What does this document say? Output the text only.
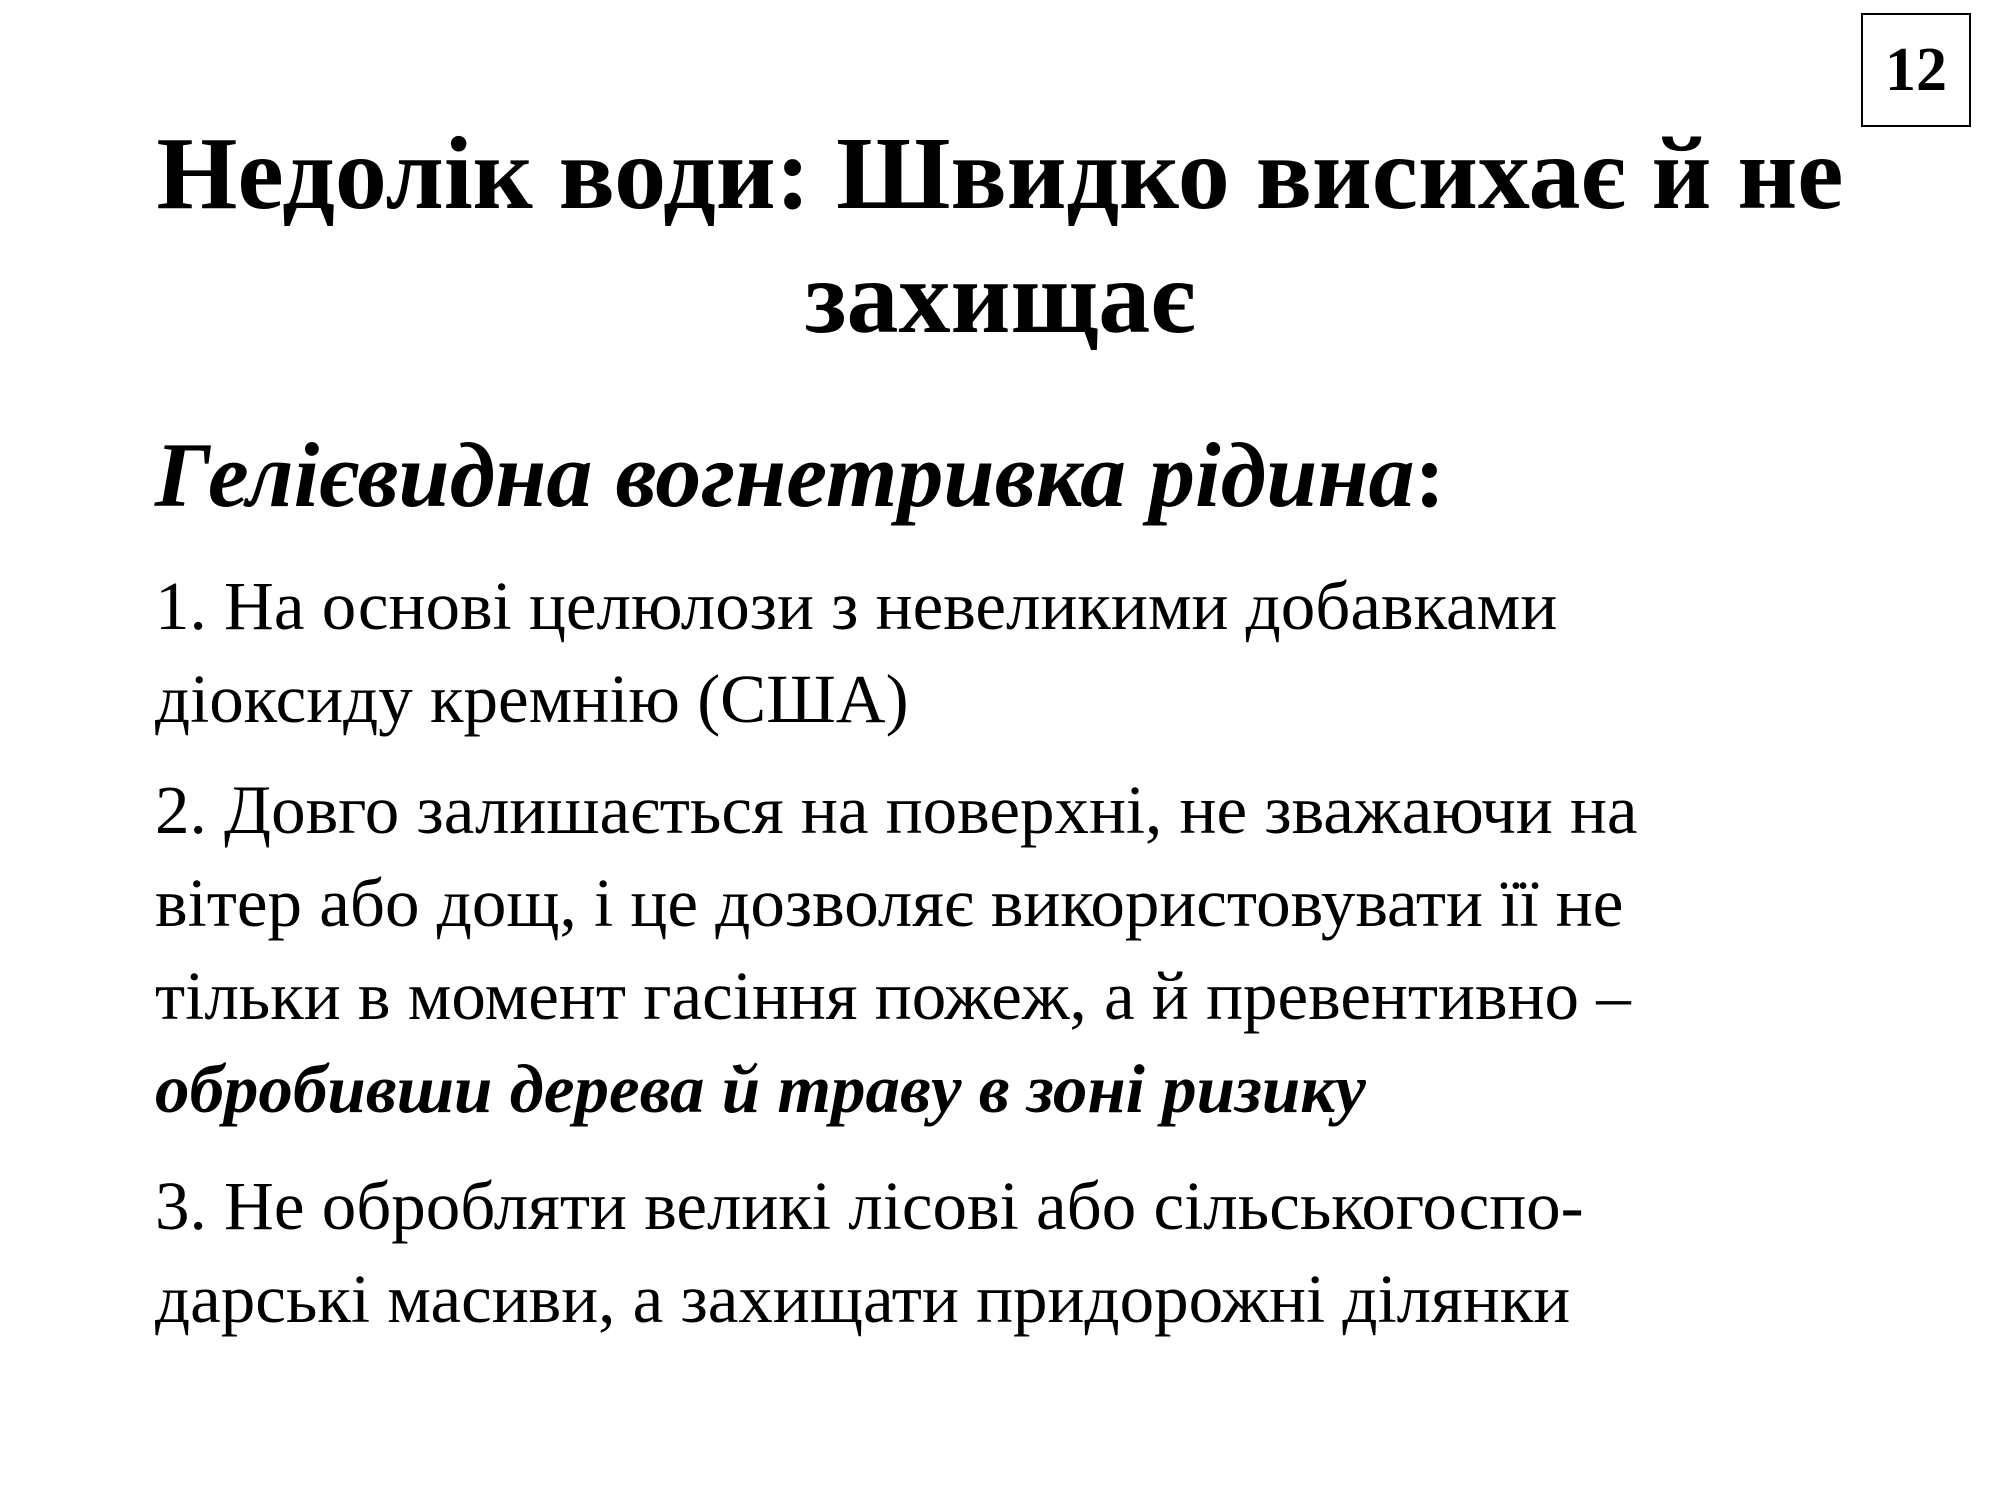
12
Недолік води: Швидко висихає й не
захищає

Гелієвидна вогнетривка рідина:

1. На основі целюлози з невеликими добавками
діоксиду кремнію (США)
2. Довго залишається на поверхні, не зважаючи на
вітер або дощ, і це дозволяє використовувати її не
тільки в момент гасіння пожеж, а й превентивно –
обробивши дерева й траву в зоні ризику
3. Не обробляти великі лісові або сільськогоспо-
дарські масиви, а захищати придорожні ділянки
